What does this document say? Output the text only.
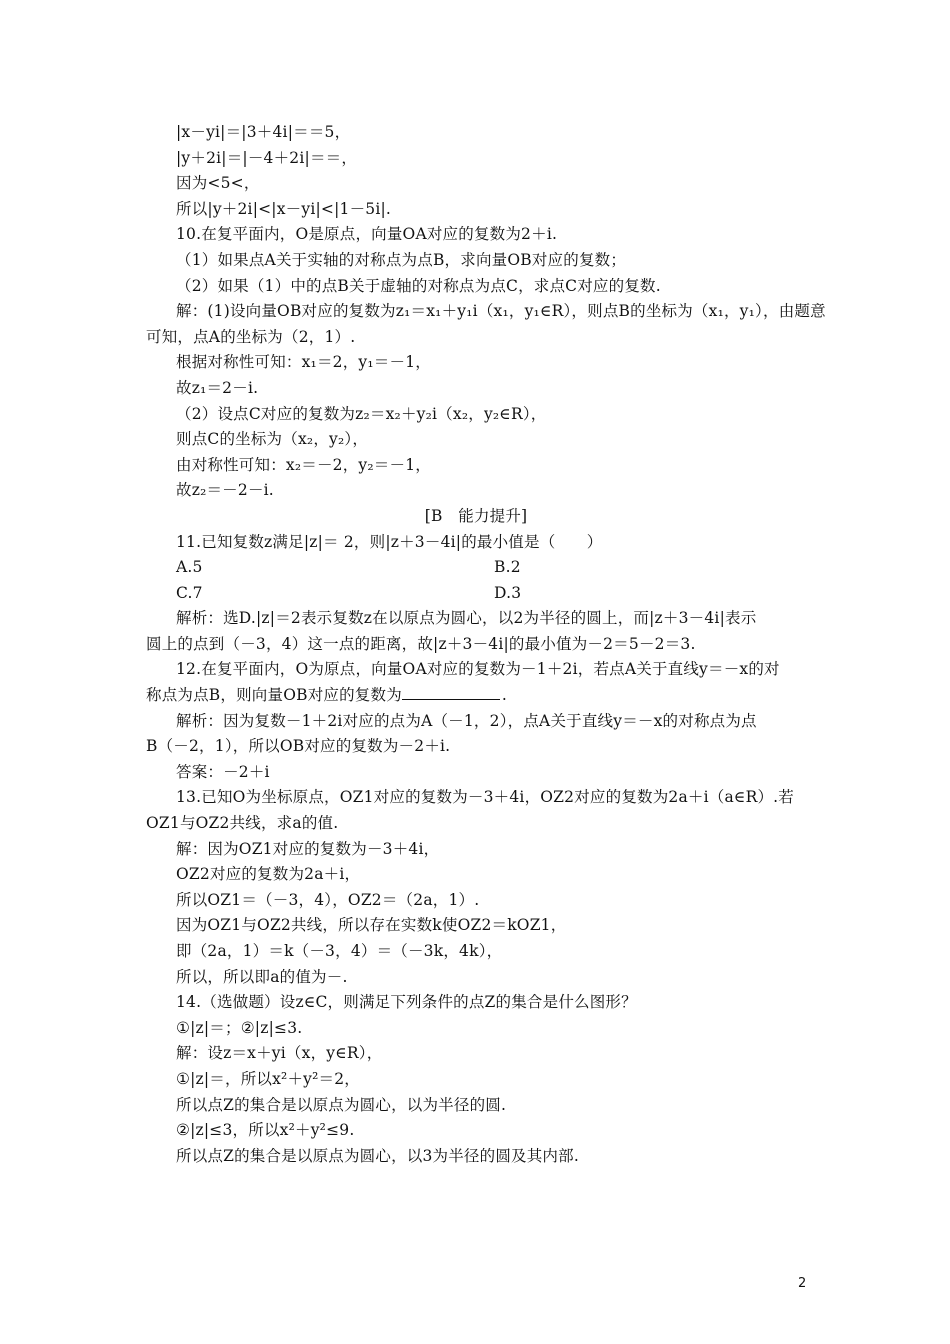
|x－yi|＝|3＋4i|＝＝5，
|y＋2i|＝|－4＋2i|＝＝，
因为<5<，
所以|y＋2i|<|x－yi|<|1－5i|.
10.在复平面内，O是原点，向量OA对应的复数为2＋i.
（1）如果点A关于实轴的对称点为点B，求向量OB对应的复数；
（2）如果（1）中的点B关于虚轴的对称点为点C，求点C对应的复数.
解：(1)设向量OB对应的复数为z₁＝x₁＋y₁i（x₁，y₁∈R），则点B的坐标为（x₁，y₁），由题意
可知，点A的坐标为（2，1）.
根据对称性可知：x₁＝2，y₁＝－1，
故z₁＝2－i.
（2）设点C对应的复数为z₂＝x₂＋y₂i（x₂，y₂∈R），
则点C的坐标为（x₂，y₂），
由对称性可知：x₂＝－2，y₂＝－1，
故z₂＝－2－i.
[B　能力提升]
11.已知复数z满足|z|＝ 2，则|z＋3－4i|的最小值是（　　）
A.5	B.2
C.7	D.3
解析：选D.|z|＝2表示复数z在以原点为圆心，以2为半径的圆上，而|z＋3－4i|表示
圆上的点到（－3，4）这一点的距离，故|z＋3－4i|的最小值为－2＝5－2＝3.
12.在复平面内，O为原点，向量OA对应的复数为－1＋2i，若点A关于直线y＝－x的对
称点为点B，则向量OB对应的复数为	.
解析：因为复数－1＋2i对应的点为A（－1，2），点A关于直线y＝－x的对称点为点
B（－2，1），所以OB对应的复数为－2＋i.
答案：－2＋i
13.已知O为坐标原点，OZ1对应的复数为－3＋4i，OZ2对应的复数为2a＋i（a∈R）.若
OZ1与OZ2共线，求a的值.
解：因为OZ1对应的复数为－3＋4i，
OZ2对应的复数为2a＋i，
所以OZ1＝（－3，4），OZ2＝（2a，1）.
因为OZ1与OZ2共线，所以存在实数k使OZ2＝kOZ1，
即（2a，1）＝k（－3，4）＝（－3k，4k），
所以，所以即a的值为－.
14.（选做题）设z∈C，则满足下列条件的点Z的集合是什么图形？
①|z|＝；②|z|≤3.
解：设z＝x＋yi（x，y∈R），
①|z|＝，所以x²＋y²＝2，
所以点Z的集合是以原点为圆心，以为半径的圆.
②|z|≤3，所以x²＋y²≤9.
所以点Z的集合是以原点为圆心，以3为半径的圆及其内部.
2
